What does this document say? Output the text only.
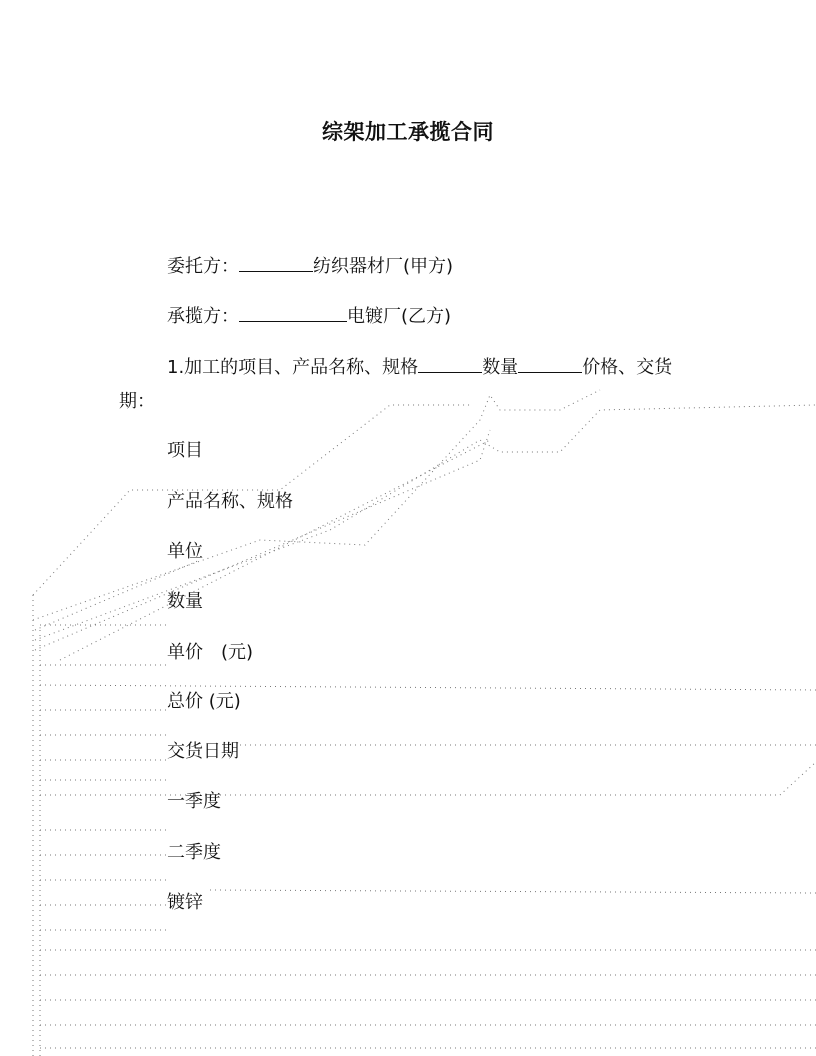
综架加工承揽合同
委托方：	纺织器材厂(甲方)
承揽方：	电镀厂(乙方)
1.加工的项目、产品名称、规格	数量	价格、交货
期：
项目
产品名称、规格
单位
数量
单价　(元)
总价 (元)
交货日期
一季度
二季度
镀锌
